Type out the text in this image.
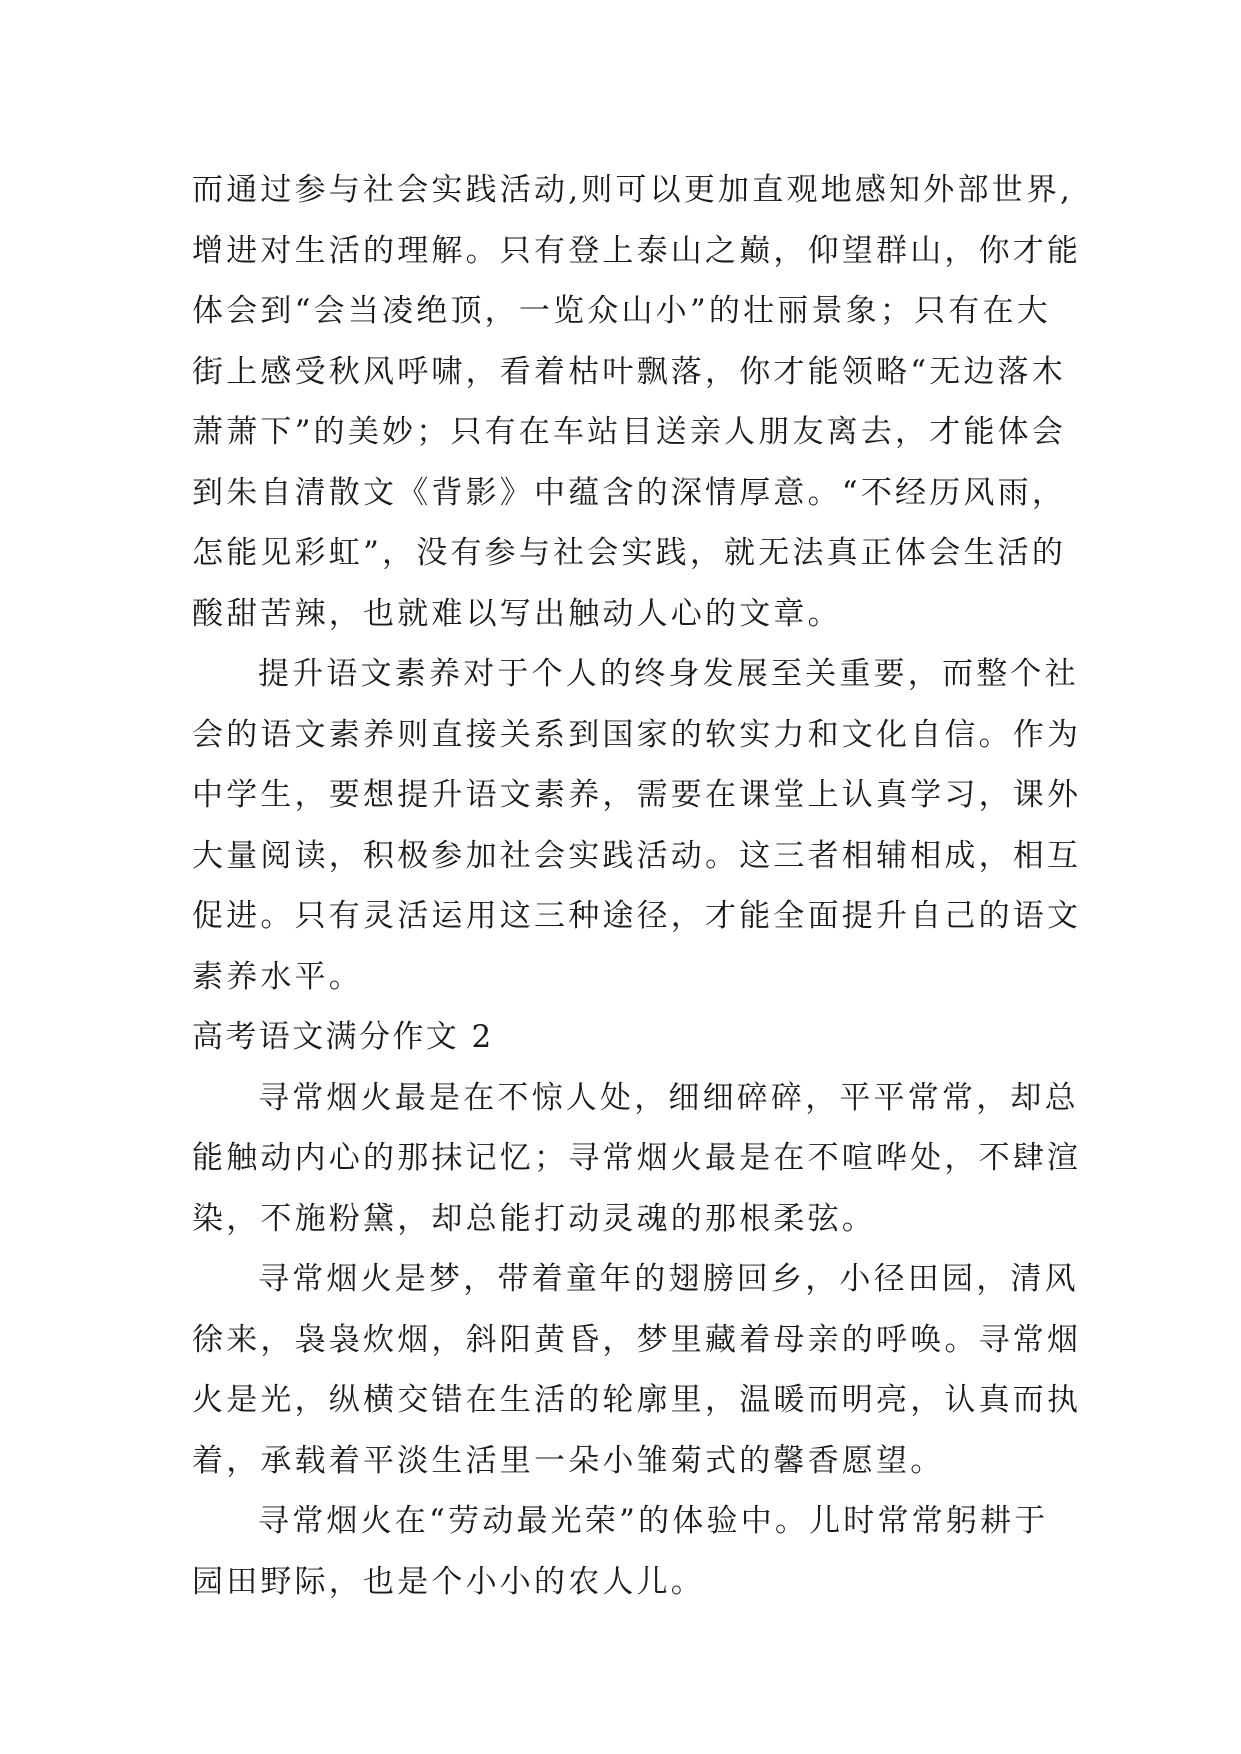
而通过参与社会实践活动,则可以更加直观地感知外部世界,
增进对生活的理解。只有登上泰山之巅，仰望群山，你才能
体会到“会当凌绝顶，一览众山小”的壮丽景象；只有在大
街上感受秋风呼啸，看着枯叶飘落，你才能领略“无边落木
萧萧下”的美妙；只有在车站目送亲人朋友离去，才能体会
到朱自清散文《背影》中蕴含的深情厚意。“不经历风雨，
怎能见彩虹”，没有参与社会实践，就无法真正体会生活的
酸甜苦辣，也就难以写出触动人心的文章。
提升语文素养对于个人的终身发展至关重要，而整个社
会的语文素养则直接关系到国家的软实力和文化自信。作为
中学生，要想提升语文素养，需要在课堂上认真学习，课外
大量阅读，积极参加社会实践活动。这三者相辅相成，相互
促进。只有灵活运用这三种途径，才能全面提升自己的语文
素养水平。
高考语文满分作文 2
寻常烟火最是在不惊人处，细细碎碎，平平常常，却总
能触动内心的那抹记忆；寻常烟火最是在不喧哗处，不肆渲
染，不施粉黛，却总能打动灵魂的那根柔弦。
寻常烟火是梦，带着童年的翅膀回乡，小径田园，清风
徐来，袅袅炊烟，斜阳黄昏，梦里藏着母亲的呼唤。寻常烟
火是光，纵横交错在生活的轮廓里，温暖而明亮，认真而执
着，承载着平淡生活里一朵小雏菊式的馨香愿望。
寻常烟火在“劳动最光荣”的体验中。儿时常常躬耕于
园田野际，也是个小小的农人儿。
